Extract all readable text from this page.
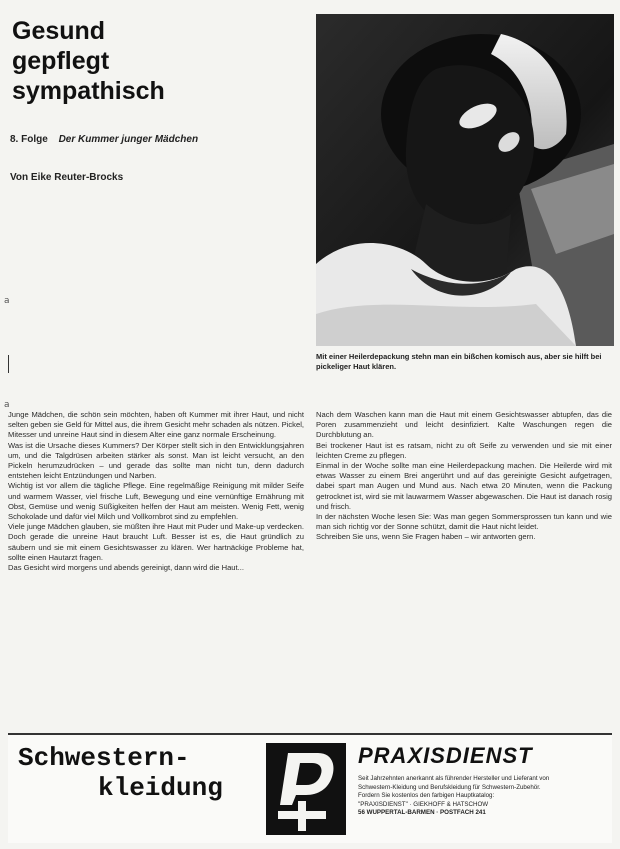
Gesund
gepflegt
sympathisch
8. Folge Der Kummer junger Mädchen
Von Eike Reuter-Brocks
a
a
Mit einer Heilerdepackung stehn man ein bißchen komisch aus, aber sie hilft bei pickeliger Haut klären.

Junge Mädchen, die schön sein möchten, haben oft Kummer mit ihrer Haut, und nicht selten geben sie Geld für Mittel aus, die ihrem Gesicht mehr schaden als nützen. Pickel, Mitesser und unreine Haut sind in diesem Alter eine ganz normale Erscheinung.

Was ist die Ursache dieses Kummers? Der Körper stellt sich in den Entwicklungsjahren um, und die Talgdrüsen arbeiten stärker als sonst. Man ist leicht versucht, an den Pickeln herumzudrücken – und gerade das sollte man nicht tun, denn dadurch entstehen leicht Entzündungen und Narben.

Wichtig ist vor allem die tägliche Pflege. Eine regelmäßige Reinigung mit milder Seife und warmem Wasser, viel frische Luft, Bewegung und eine vernünftige Ernährung mit Obst, Gemüse und wenig Süßigkeiten helfen der Haut am meisten. Wenig Fett, wenig Schokolade und dafür viel Milch und Vollkornbrot sind zu empfehlen.

Viele junge Mädchen glauben, sie müßten ihre Haut mit Puder und Make-up verdecken. Doch gerade die unreine Haut braucht Luft. Besser ist es, die Haut gründlich zu säubern und sie mit einem Gesichtswasser zu klären. Wer hartnäckige Probleme hat, sollte einen Hautarzt fragen.

Das Gesicht wird morgens und abends gereinigt, dann wird die Haut...

Nach dem Waschen kann man die Haut mit einem Gesichtswasser abtupfen, das die Poren zusammenzieht und leicht desinfiziert. Kalte Waschungen regen die Durchblutung an.

Bei trockener Haut ist es ratsam, nicht zu oft Seife zu verwenden und sie mit einer leichten Creme zu pflegen.

Einmal in der Woche sollte man eine Heilerdepackung machen. Die Heilerde wird mit etwas Wasser zu einem Brei angerührt und auf das gereinigte Gesicht aufgetragen, dabei spart man Augen und Mund aus. Nach etwa 20 Minuten, wenn die Packung getrocknet ist, wird sie mit lauwarmem Wasser abgewaschen. Die Haut ist danach rosig und frisch.

In der nächsten Woche lesen Sie: Was man gegen Sommersprossen tun kann und wie man sich richtig vor der Sonne schützt, damit die Haut nicht leidet.

Schreiben Sie uns, wenn Sie Fragen haben – wir antworten gern.

Schwestern-
kleidung
PRAXISDIENST
Seit Jahrzehnten anerkannt als führender Hersteller und Lieferant von
Schwestern-Kleidung und Berufskleidung für Schwestern-Zubehör.
Fordern Sie kostenlos den farbigen Hauptkatalog:
"PRAXISDIENST" · GIEKHOFF & HATSCHOW
56 WUPPERTAL-BARMEN · POSTFACH 241
